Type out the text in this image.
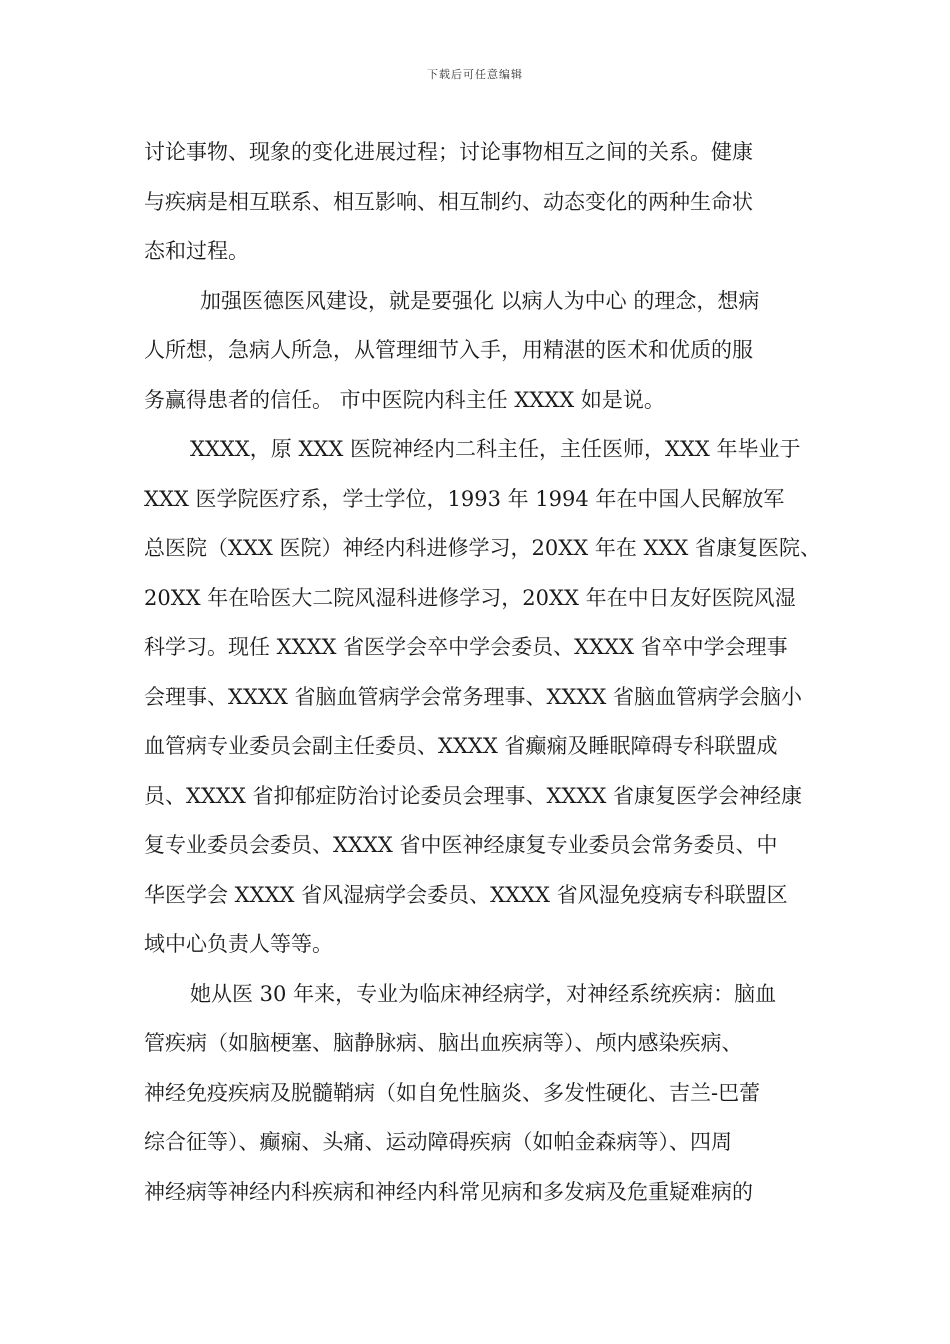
下载后可任意编辑
讨论事物、现象的变化进展过程；讨论事物相互之间的关系。健康
与疾病是相互联系、相互影响、相互制约、动态变化的两种生命状
态和过程。
加强医德医风建设，就是要强化 以病人为中心 的理念，想病
人所想，急病人所急，从管理细节入手，用精湛的医术和优质的服
务赢得患者的信任。 市中医院内科主任 XXXX 如是说。
XXXX，原 XXX 医院神经内二科主任，主任医师，XXX 年毕业于
XXX 医学院医疗系，学士学位，1993 年 1994 年在中国人民解放军
总医院（XXX 医院）神经内科进修学习，20XX 年在 XXX 省康复医院、
20XX 年在哈医大二院风湿科进修学习，20XX 年在中日友好医院风湿
科学习。现任 XXXX 省医学会卒中学会委员、XXXX 省卒中学会理事
会理事、XXXX 省脑血管病学会常务理事、XXXX 省脑血管病学会脑小
血管病专业委员会副主任委员、XXXX 省癫痫及睡眠障碍专科联盟成
员、XXXX 省抑郁症防治讨论委员会理事、XXXX 省康复医学会神经康
复专业委员会委员、XXXX 省中医神经康复专业委员会常务委员、中
华医学会 XXXX 省风湿病学会委员、XXXX 省风湿免疫病专科联盟区
域中心负责人等等。
她从医 30 年来，专业为临床神经病学，对神经系统疾病：脑血
管疾病（如脑梗塞、脑静脉病、脑出血疾病等）、颅内感染疾病、
神经免疫疾病及脱髓鞘病（如自免性脑炎、多发性硬化、吉兰-巴蕾
综合征等）、癫痫、头痛、运动障碍疾病（如帕金森病等）、四周
神经病等神经内科疾病和神经内科常见病和多发病及危重疑难病的
